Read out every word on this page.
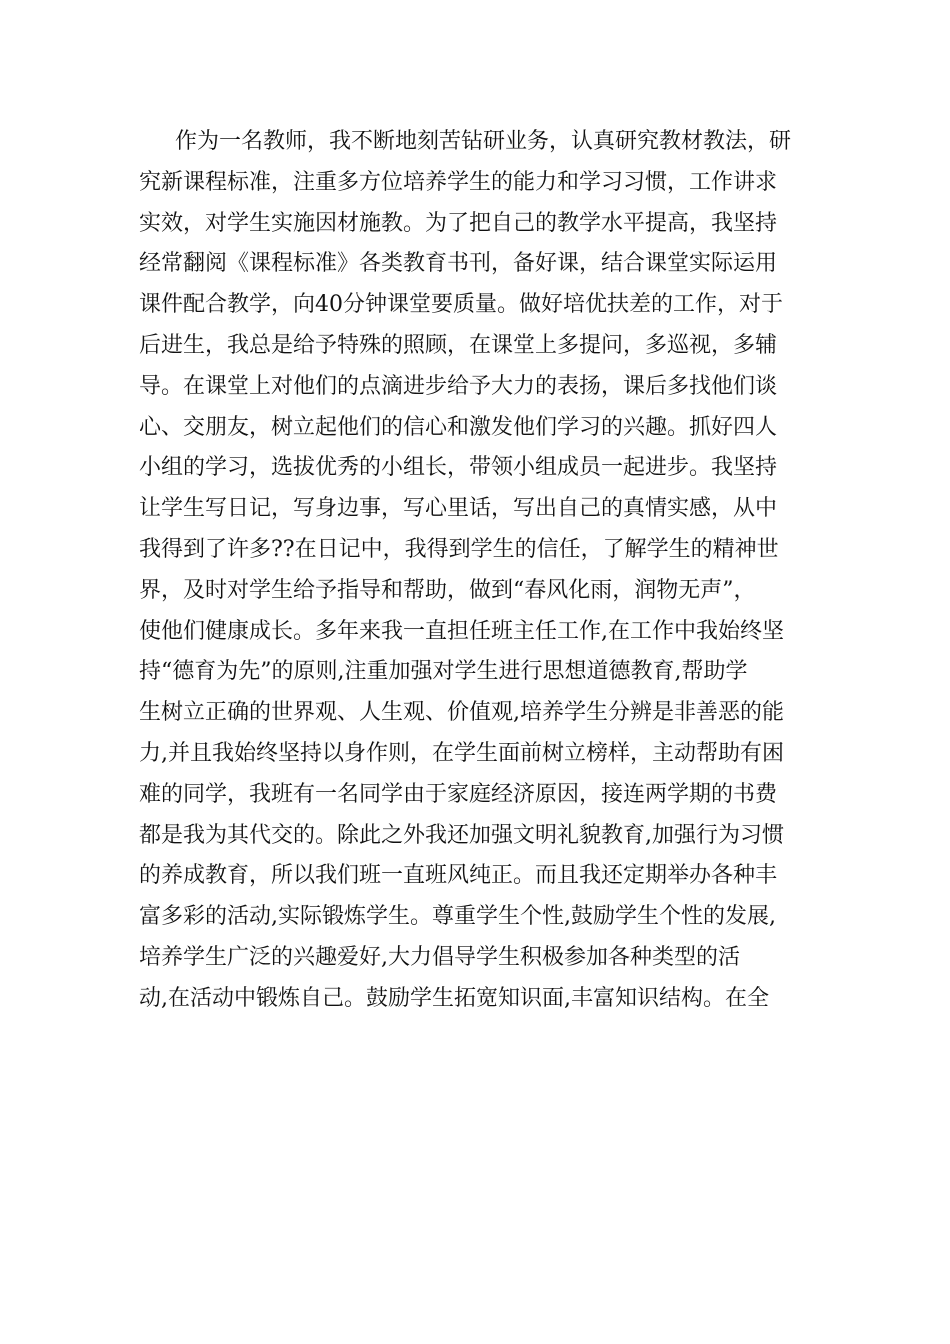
作为一名教师，我不断地刻苦钻研业务，认真研究教材教法，研
究新课程标准，注重多方位培养学生的能力和学习习惯，工作讲求
实效，对学生实施因材施教。为了把自己的教学水平提高，我坚持
经常翻阅《课程标准》各类教育书刊，备好课，结合课堂实际运用
课件配合教学，向40分钟课堂要质量。做好培优扶差的工作，对于
后进生，我总是给予特殊的照顾，在课堂上多提问，多巡视，多辅
导。在课堂上对他们的点滴进步给予大力的表扬，课后多找他们谈
心、交朋友，树立起他们的信心和激发他们学习的兴趣。抓好四人
小组的学习，选拔优秀的小组长，带领小组成员一起进步。我坚持
让学生写日记，写身边事，写心里话，写出自己的真情实感，从中
我得到了许多??在日记中，我得到学生的信任，了解学生的精神世
界，及时对学生给予指导和帮助，做到“春风化雨，润物无声”，
使他们健康成长。多年来我一直担任班主任工作,在工作中我始终坚
持“德育为先”的原则,注重加强对学生进行思想道德教育,帮助学
生树立正确的世界观、人生观、价值观,培养学生分辨是非善恶的能
力,并且我始终坚持以身作则，在学生面前树立榜样，主动帮助有困
难的同学，我班有一名同学由于家庭经济原因，接连两学期的书费
都是我为其代交的。除此之外我还加强文明礼貌教育,加强行为习惯
的养成教育，所以我们班一直班风纯正。而且我还定期举办各种丰
富多彩的活动,实际锻炼学生。尊重学生个性,鼓励学生个性的发展,
培养学生广泛的兴趣爱好,大力倡导学生积极参加各种类型的活
动,在活动中锻炼自己。鼓励学生拓宽知识面,丰富知识结构。在全
